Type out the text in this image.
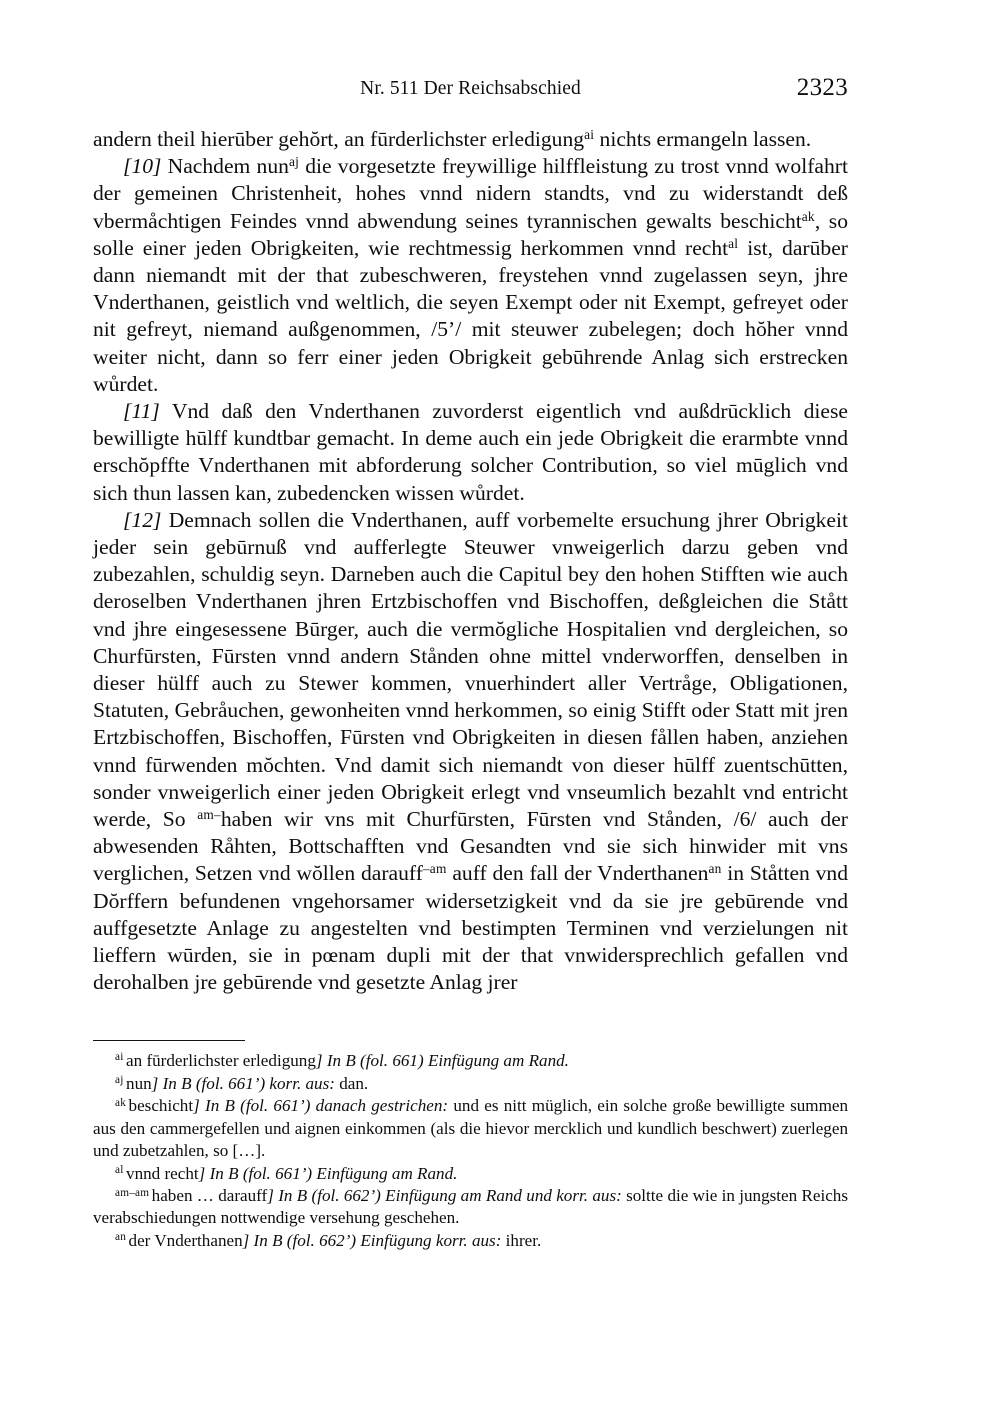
Nr. 511 Der Reichsabschied	2323

andern theil hierūber gehŏrt, an fūrderlichster erledigung$^{ai}$ nichts ermangeln lassen.

[10] Nachdem nun$^{aj}$ die vorgesetzte freywillige hilffleistung zu trost vnnd wolfahrt der gemeinen Christenheit, hohes vnnd nidern standts, vnd zu widerstandt deß vbermåchtigen Feindes vnnd abwendung seines tyrannischen gewalts beschicht$^{ak}$, so solle einer jeden Obrigkeiten, wie rechtmessig herkommen vnnd recht$^{al}$ ist, darūber dann niemandt mit der that zubeschweren, freystehen vnnd zugelassen seyn, jhre Vnderthanen, geistlich vnd weltlich, die seyen Exempt oder nit Exempt, gefreyet oder nit gefreyt, niemand außgenommen, /5’/ mit steuwer zubelegen; doch hŏher vnnd weiter nicht, dann so ferr einer jeden Obrigkeit gebūhrende Anlag sich erstrecken wůrdet.

[11] Vnd daß den Vnderthanen zuvorderst eigentlich vnd außdrūcklich diese bewilligte hūlff kundtbar gemacht. In deme auch ein jede Obrigkeit die erarmbte vnnd erschŏpffte Vnderthanen mit abforderung solcher Contribution, so viel mūglich vnd sich thun lassen kan, zubedencken wissen wůrdet.

[12] Demnach sollen die Vnderthanen, auff vorbemelte ersuchung jhrer Obrigkeit jeder sein gebūrnuß vnd aufferlegte Steuwer vnweigerlich darzu geben vnd zubezahlen, schuldig seyn. Darneben auch die Capitul bey den hohen Stifften wie auch deroselben Vnderthanen jhren Ertzbischoffen vnd Bischoffen, deßgleichen die Stått vnd jhre eingesessene Būrger, auch die vermŏgliche Hospitalien vnd dergleichen, so Churfūrsten, Fūrsten vnnd andern Stånden ohne mittel vnderworffen, denselben in dieser hülff auch zu Stewer kommen, vnuerhindert aller Vertråge, Obligationen, Statuten, Gebråuchen, gewonheiten vnnd herkommen, so einig Stifft oder Statt mit jren Ertzbischoffen, Bischoffen, Fūrsten vnd Obrigkeiten in diesen fållen haben, anziehen vnnd fūrwenden mŏchten. Vnd damit sich niemandt von dieser hūlff zuentschūtten, sonder vnweigerlich einer jeden Obrigkeit erlegt vnd vnseumlich bezahlt vnd entricht werde, So $^{am-}$haben wir vns mit Churfūrsten, Fūrsten vnd Stånden, /6/ auch der abwesenden Råhten, Bottschafften vnd Gesandten vnd sie sich hinwider mit vns verglichen, Setzen vnd wŏllen darauff$^{-am}$ auff den fall der Vnderthanen$^{an}$ in Ståtten vnd Dŏrffern befundenen vngehorsamer widersetzigkeit vnd da sie jre gebūrende vnd auffgesetzte Anlage zu angestelten vnd bestimpten Terminen vnd verzielungen nit lieffern wūrden, sie in pœnam dupli mit der that vnwidersprechlich gefallen vnd derohalben jre gebūrende vnd gesetzte Anlag jrer

$^{ai}$ an fūrderlichster erledigung] In B (fol. 661) Einfügung am Rand.

$^{aj}$ nun] In B (fol. 661’) korr. aus: dan.

$^{ak}$ beschicht] In B (fol. 661’) danach gestrichen: und es nitt müglich, ein solche große bewilligte summen aus den cammergefellen und aignen einkommen (als die hievor mercklich und kundlich beschwert) zuerlegen und zubetzahlen, so […].

$^{al}$ vnnd recht] In B (fol. 661’) Einfügung am Rand.

$^{am-am}$ haben … darauff] In B (fol. 662’) Einfügung am Rand und korr. aus: soltte die wie in jungsten Reichs verabschiedungen nottwendige versehung geschehen.

$^{an}$ der Vnderthanen] In B (fol. 662’) Einfügung korr. aus: ihrer.
